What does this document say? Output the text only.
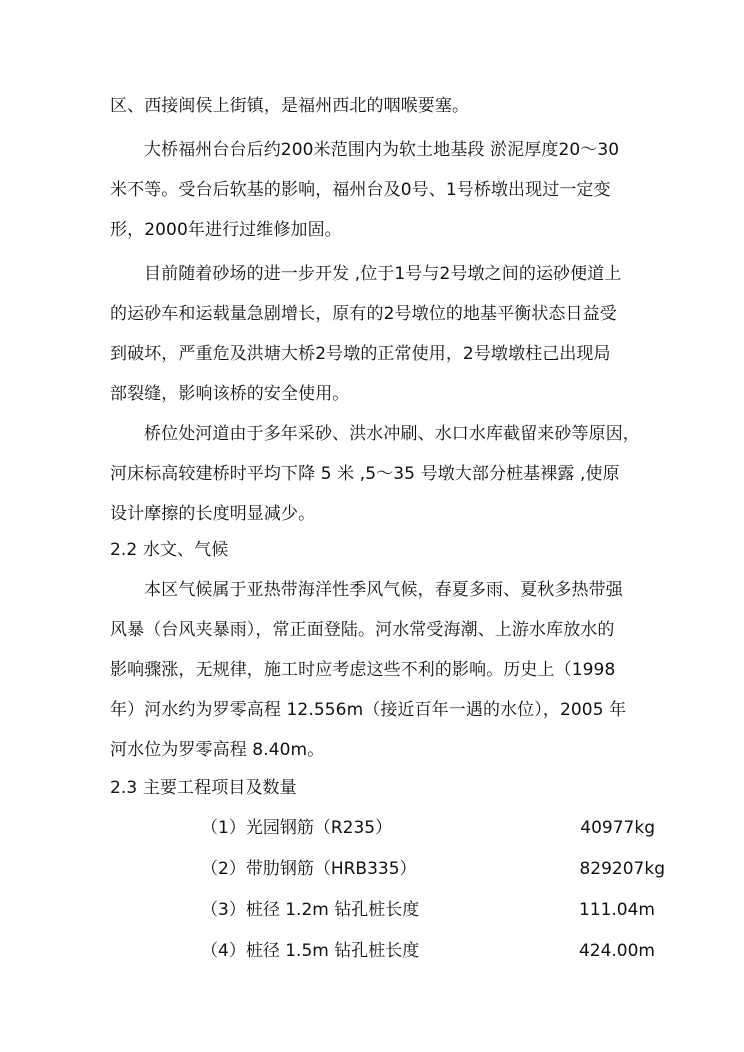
区、西接闽侯上街镇，是福州西北的咽喉要塞。
大桥福州台台后约200米范围内为软土地基段 淤泥厚度20～30
米不等。受台后软基的影响，福州台及0号、1号桥墩出现过一定变
形，2000年进行过维修加固。
目前随着砂场的进一步开发 ,位于1号与2号墩之间的运砂便道上
的运砂车和运载量急剧增长，原有的2号墩位的地基平衡状态日益受
到破坏，严重危及洪塘大桥2号墩的正常使用，2号墩墩柱己出现局
部裂缝，影响该桥的安全使用。
桥位处河道由于多年采砂、洪水冲刷、水口水库截留来砂等原因，
河床标高较建桥时平均下降 5 米 ,5～35 号墩大部分桩基裸露 ,使原
设计摩擦的长度明显减少。
2.2 水文、气候
本区气候属于亚热带海洋性季风气候，春夏多雨、夏秋多热带强
风暴（台风夹暴雨），常正面登陆。河水常受海潮、上游水库放水的
影响骤涨，无规律，施工时应考虑这些不利的影响。历史上（1998
年）河水约为罗零高程 12.556m（接近百年一遇的水位），2005 年
河水位为罗零高程 8.40m。
2.3 主要工程项目及数量
（1）光园钢筋（R235）	40977kg
（2）带肋钢筋（HRB335）	829207kg
（3）桩径 1.2m 钻孔桩长度	111.04m
（4）桩径 1.5m 钻孔桩长度	424.00m
